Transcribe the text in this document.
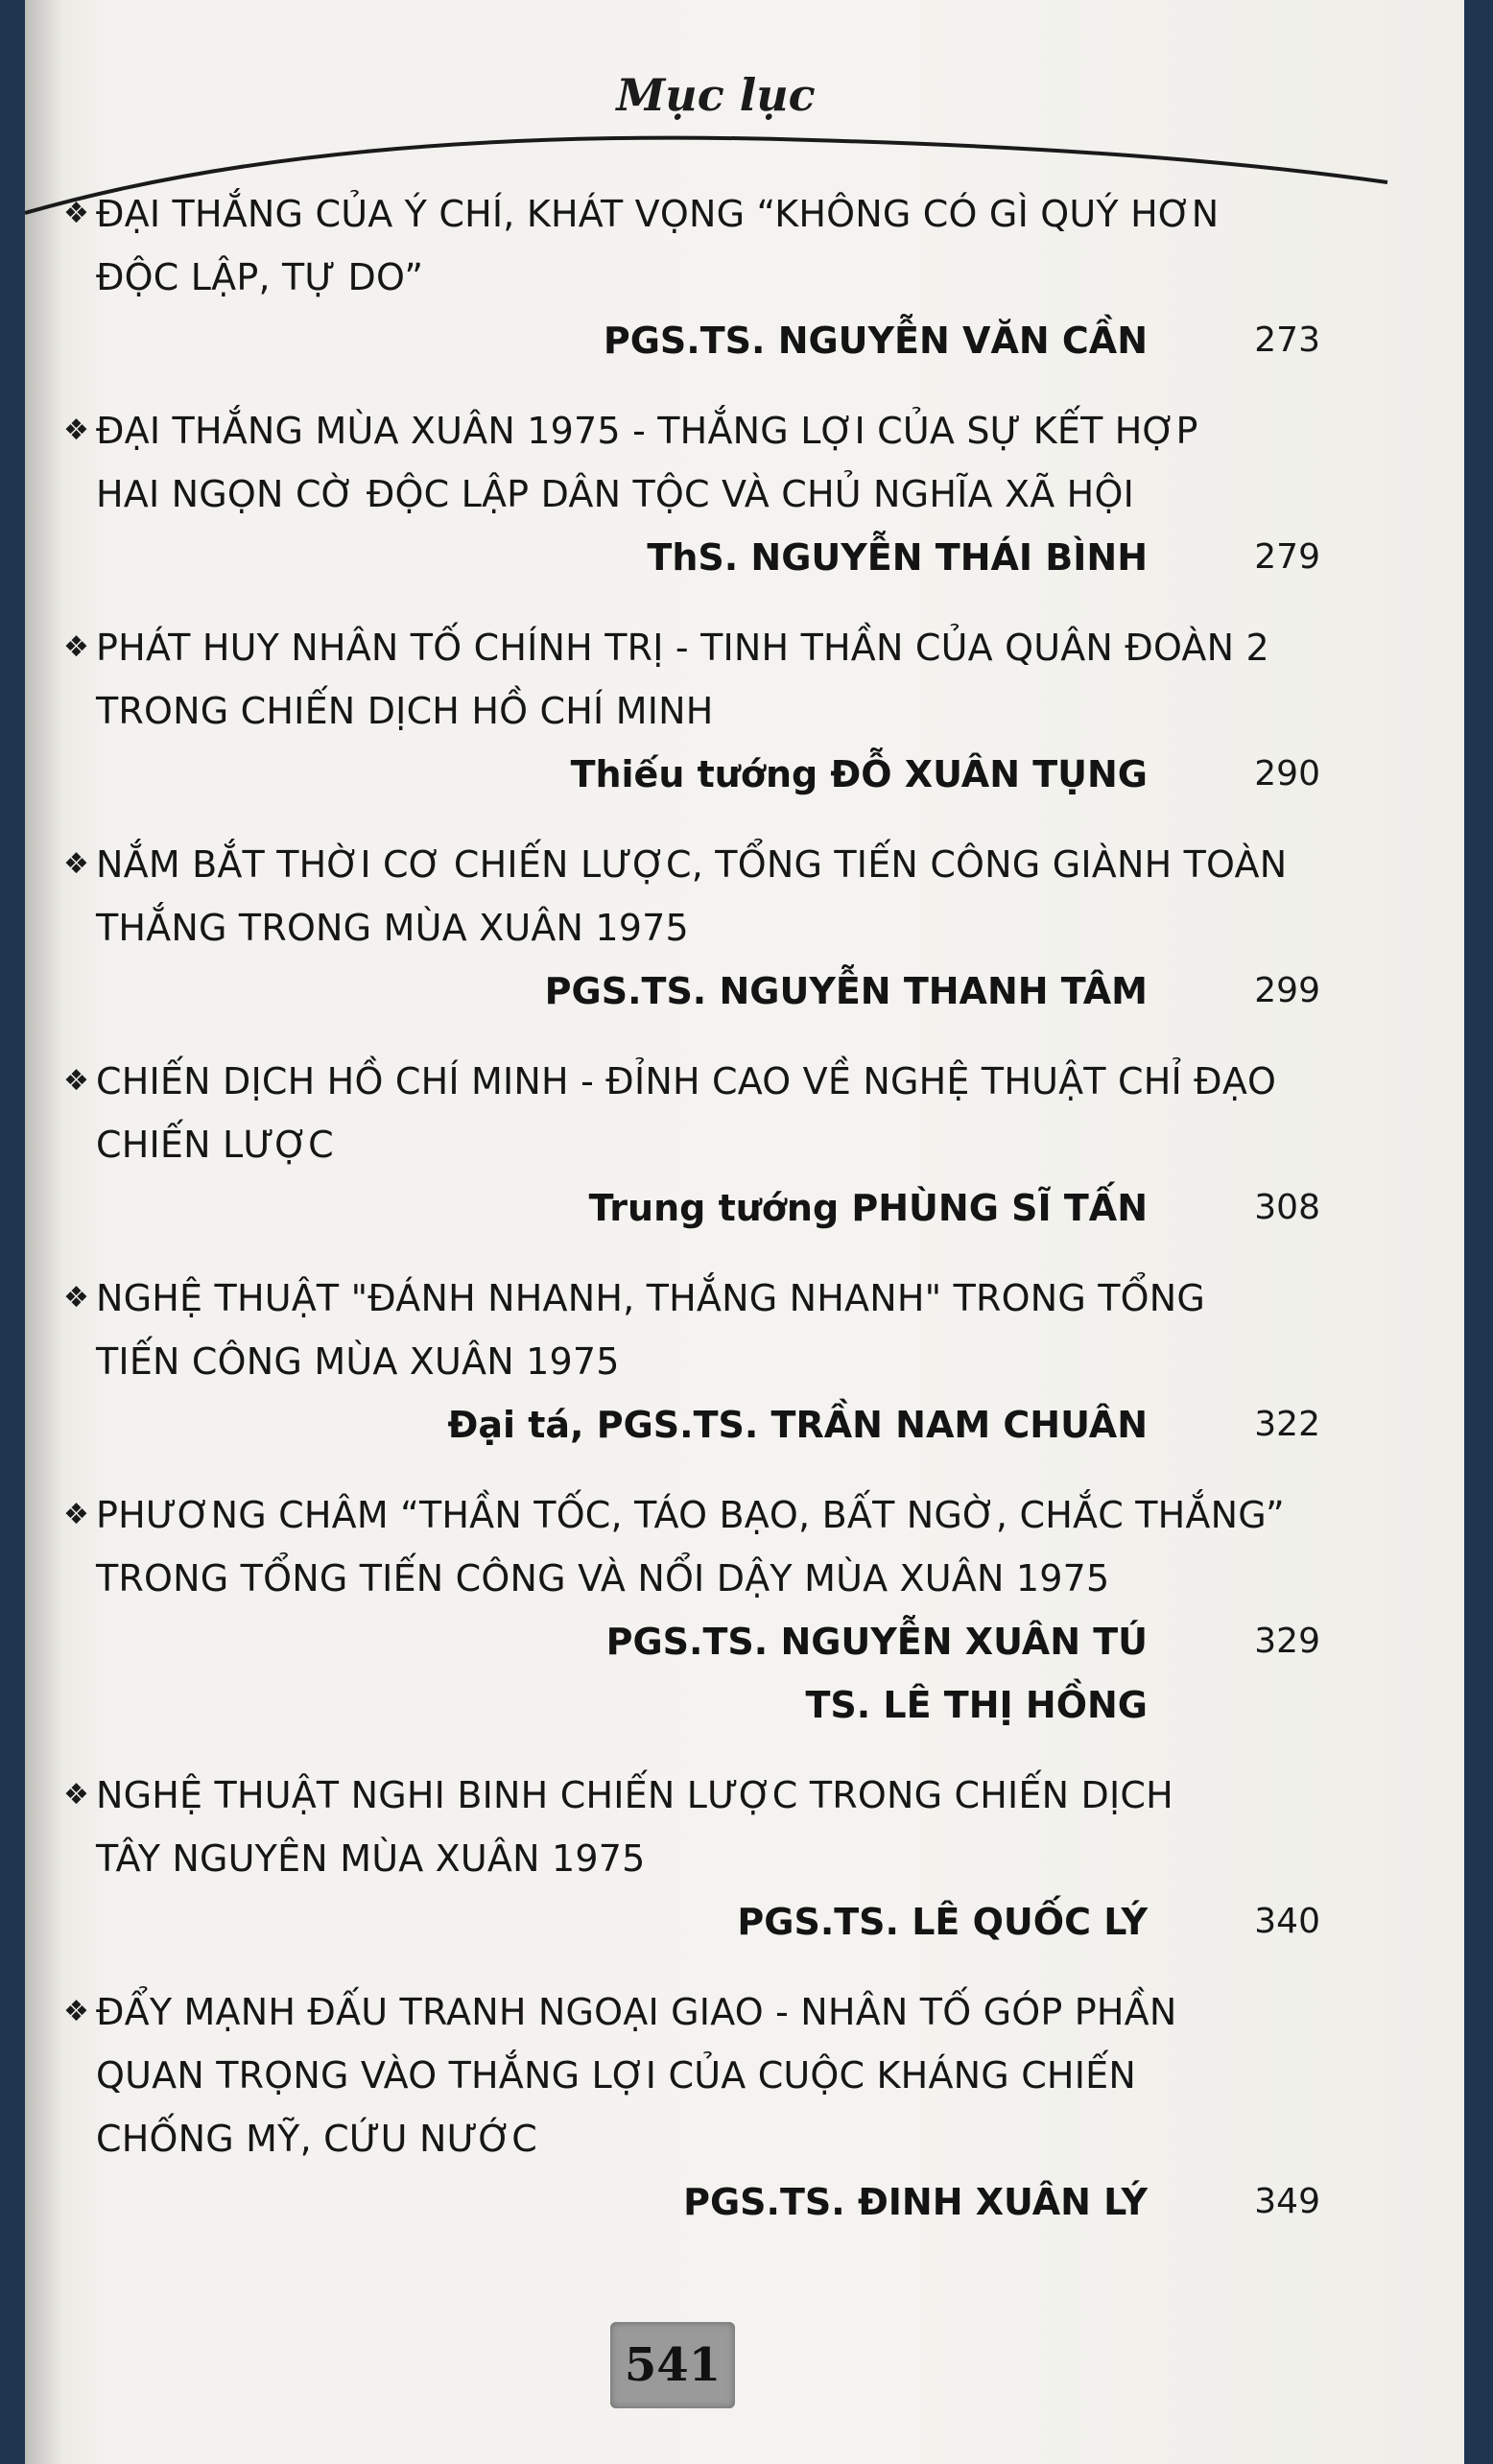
Mục lục
❖ ĐẠI THẮNG CỦA Ý CHÍ, KHÁT VỌNG “KHÔNG CÓ GÌ QUÝ HƠN
ĐỘC LẬP, TỰ DO”
PGS.TS. NGUYỄN VĂN CẦN	273
❖ ĐẠI THẮNG MÙA XUÂN 1975 - THẮNG LỢI CỦA SỰ KẾT HỢP
HAI NGỌN CỜ ĐỘC LẬP DÂN TỘC VÀ CHỦ NGHĨA XÃ HỘI
ThS. NGUYỄN THÁI BÌNH	279
❖ PHÁT HUY NHÂN TỐ CHÍNH TRỊ - TINH THẦN CỦA QUÂN ĐOÀN 2
TRONG CHIẾN DỊCH HỒ CHÍ MINH
Thiếu tướng ĐỖ XUÂN TỤNG	290
❖ NẮM BẮT THỜI CƠ CHIẾN LƯỢC, TỔNG TIẾN CÔNG GIÀNH TOÀN
THẮNG TRONG MÙA XUÂN 1975
PGS.TS. NGUYỄN THANH TÂM	299
❖ CHIẾN DỊCH HỒ CHÍ MINH - ĐỈNH CAO VỀ NGHỆ THUẬT CHỈ ĐẠO
CHIẾN LƯỢC
Trung tướng PHÙNG SĨ TẤN	308
❖ NGHỆ THUẬT "ĐÁNH NHANH, THẮNG NHANH" TRONG TỔNG
TIẾN CÔNG MÙA XUÂN 1975
Đại tá, PGS.TS. TRẦN NAM CHUÂN	322
❖ PHƯƠNG CHÂM “THẦN TỐC, TÁO BẠO, BẤT NGỜ, CHẮC THẮNG”
TRONG TỔNG TIẾN CÔNG VÀ NỔI DẬY MÙA XUÂN 1975
PGS.TS. NGUYỄN XUÂN TÚ	329
TS. LÊ THỊ HỒNG
❖ NGHỆ THUẬT NGHI BINH CHIẾN LƯỢC TRONG CHIẾN DỊCH
TÂY NGUYÊN MÙA XUÂN 1975
PGS.TS. LÊ QUỐC LÝ	340
❖ ĐẨY MẠNH ĐẤU TRANH NGOẠI GIAO - NHÂN TỐ GÓP PHẦN
QUAN TRỌNG VÀO THẮNG LỢI CỦA CUỘC KHÁNG CHIẾN
CHỐNG MỸ, CỨU NƯỚC
PGS.TS. ĐINH XUÂN LÝ	349
541
